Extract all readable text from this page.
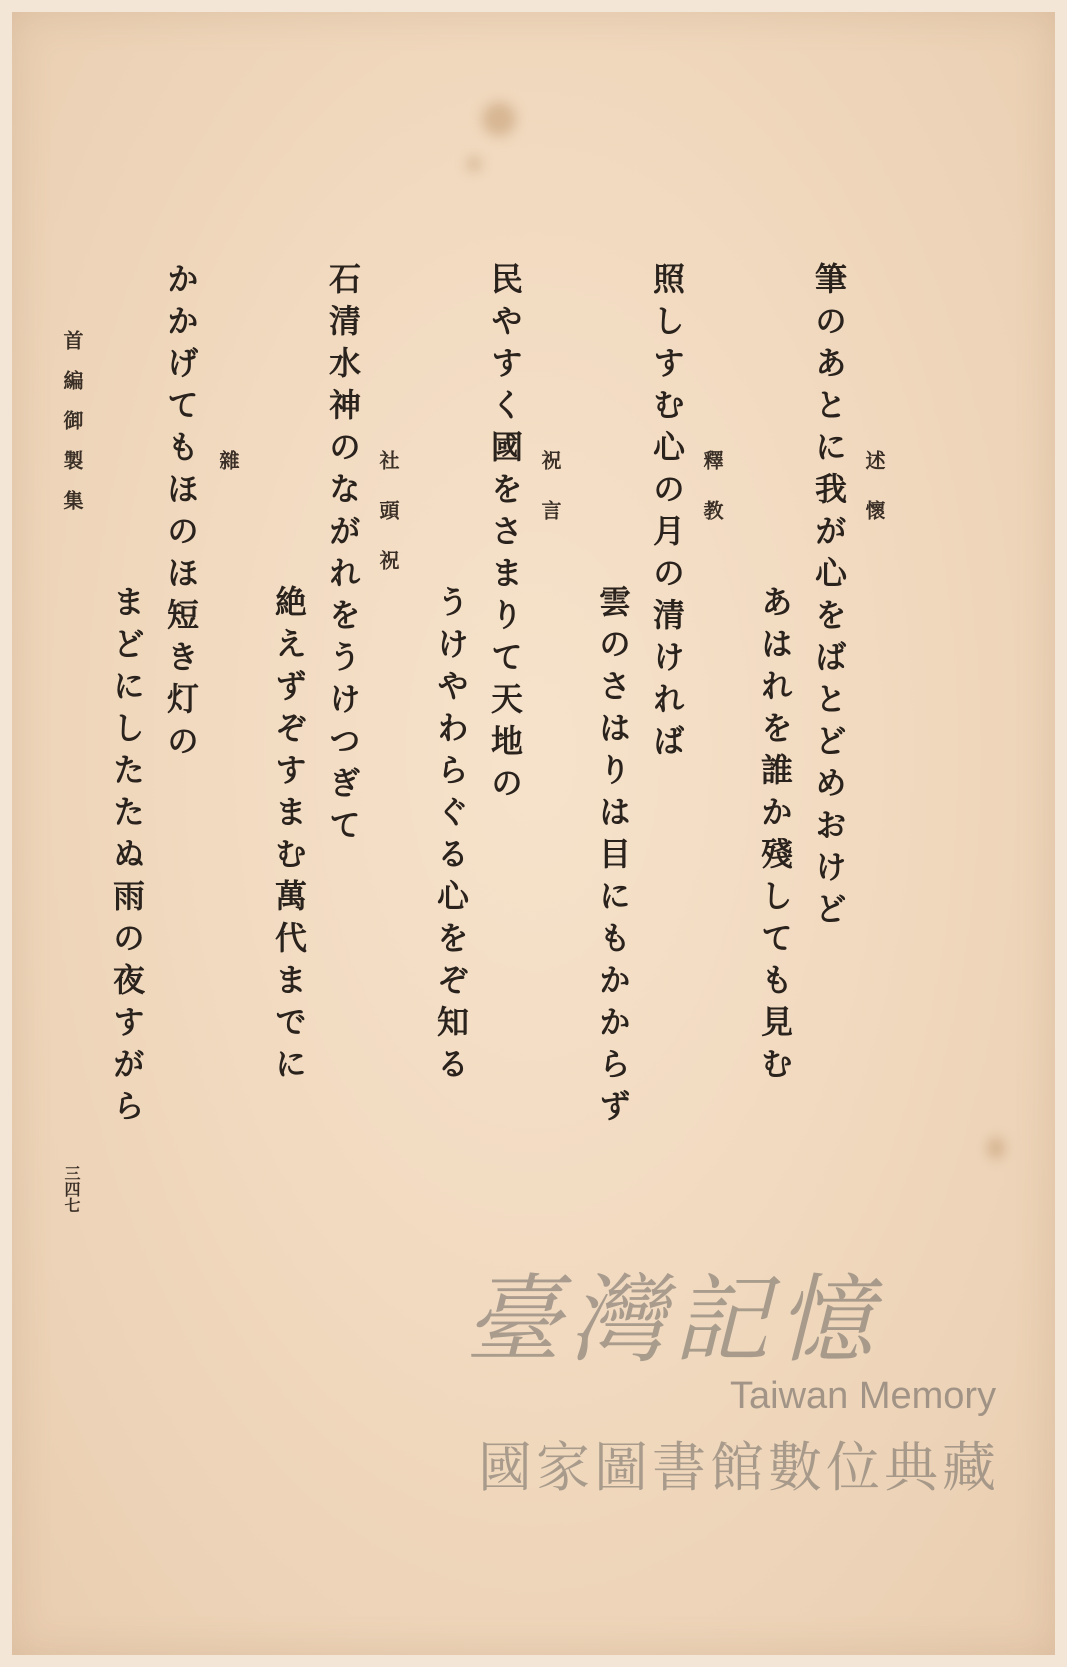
述懷
釋教
祝言
社頭祝
雜	筆のあとに我が心をばとどめおけど
あはれを誰か殘しても見む
照しすむ心の月の清ければ
雲のさはりは目にもかからず
民やすく國をさまりて天地の
うけやわらぐる心をぞ知る
石清水神のながれをうけつぎて
絶えずぞすまむ萬代までに
かかげてもほのほ短き灯の
まどにしたたぬ雨の夜すがら
首編御製集
三四七
臺灣記憶
Taiwan Memory
國家圖書館數位典藏
